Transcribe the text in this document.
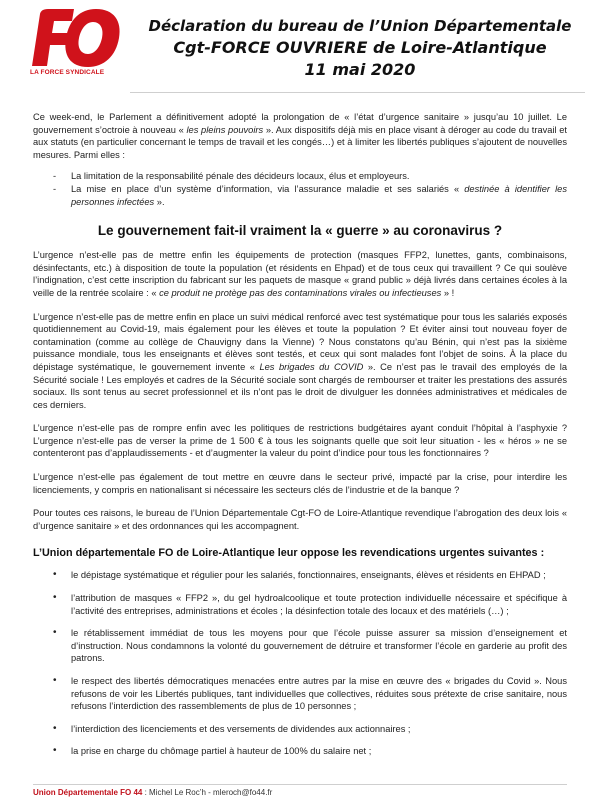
LA FORCE SYNDICALE
Déclaration du bureau de l’Union Départementale
Cgt-FORCE OUVRIERE de Loire-Atlantique
11 mai 2020

Ce week-end, le Parlement a définitivement adopté la prolongation de « l’état d’urgence sanitaire » jusqu’au 10 juillet. Le gouvernement s’octroie à nouveau « les pleins pouvoirs ». Aux dispositifs déjà mis en place visant à déroger au code du travail et aux statuts (en particulier concernant le temps de travail et les congés…) et à limiter les libertés publiques s’ajoutent de nouvelles mesures. Parmi elles :

- La limitation de la responsabilité pénale des décideurs locaux, élus et employeurs.
- La mise en place d’un système d’information, via l’assurance maladie et ses salariés « destinée à identifier les personnes infectées ».
Le gouvernement fait-il vraiment la « guerre » au coronavirus ?

L’urgence n’est-elle pas de mettre enfin les équipements de protection (masques FFP2, lunettes, gants, combinaisons, désinfectants, etc.) à disposition de toute la population (et résidents en Ehpad) et de tous ceux qui travaillent ? Ce qui soulève l’indignation, c’est cette inscription du fabricant sur les paquets de masque « grand public » déjà livrés dans certaines écoles à la veille de la rentrée scolaire : « ce produit ne protège pas des contaminations virales ou infectieuses » !

L’urgence n’est-elle pas de mettre enfin en place un suivi médical renforcé avec test systématique pour tous les salariés exposés quotidiennement au Covid-19, mais également pour les élèves et toute la population ? Et éviter ainsi tout nouveau foyer de contamination (comme au collège de Chauvigny dans la Vienne) ? Nous constatons qu’au Bénin, qui n’est pas la sixième puissance mondiale, tous les enseignants et élèves sont testés, et ceux qui sont malades font l’objet de soins. À la place du dépistage systématique, le gouvernement invente « Les brigades du COVID ». Ce n’est pas le travail des employés de la Sécurité sociale ! Les employés et cadres de la Sécurité sociale sont chargés de rembourser et traiter les prestations des assurés sociaux. Ils sont tenus au secret professionnel et ils n’ont pas le droit de divulguer les données administratives et médicales de ces derniers.

L’urgence n’est-elle pas de rompre enfin avec les politiques de restrictions budgétaires ayant conduit l’hôpital à l’asphyxie ? L’urgence n’est-elle pas de verser la prime de 1 500 € à tous les soignants quelle que soit leur situation - les « héros » ne se contenteront pas d’applaudissements - et d’augmenter la valeur du point d’indice pour tous les fonctionnaires ?

L’urgence n’est-elle pas également de tout mettre en œuvre dans le secteur privé, impacté par la crise, pour interdire les licenciements, y compris en nationalisant si nécessaire les secteurs clés de l’industrie et de la banque ?

Pour toutes ces raisons, le bureau de l’Union Départementale Cgt-FO de Loire-Atlantique revendique l’abrogation des deux lois « d’urgence sanitaire » et des ordonnances qui les accompagnent.

L’Union départementale FO de Loire-Atlantique leur oppose les revendications urgentes suivantes :
• le dépistage systématique et régulier pour les salariés, fonctionnaires, enseignants, élèves et résidents en EHPAD ;
• l’attribution de masques « FFP2 », du gel hydroalcoolique et toute protection individuelle nécessaire et spécifique à l’activité des entreprises, administrations et écoles ; la désinfection totale des locaux et des matériels (…) ;
• le rétablissement immédiat de tous les moyens pour que l’école puisse assurer sa mission d’enseignement et d’instruction. Nous condamnons la volonté du gouvernement de détruire et transformer l’école en garderie au profit des patrons.
• le respect des libertés démocratiques menacées entre autres par la mise en œuvre des « brigades du Covid ». Nous refusons de voir les Libertés publiques, tant individuelles que collectives, réduites sous prétexte de crise sanitaire, nous refusons l’interdiction des rassemblements de plus de 10 personnes ;
• l’interdiction des licenciements et des versements de dividendes aux actionnaires ;
• la prise en charge du chômage partiel à hauteur de 100% du salaire net ;
Union Départementale FO 44 : Michel Le Roc’h - mleroch@fo44.fr
